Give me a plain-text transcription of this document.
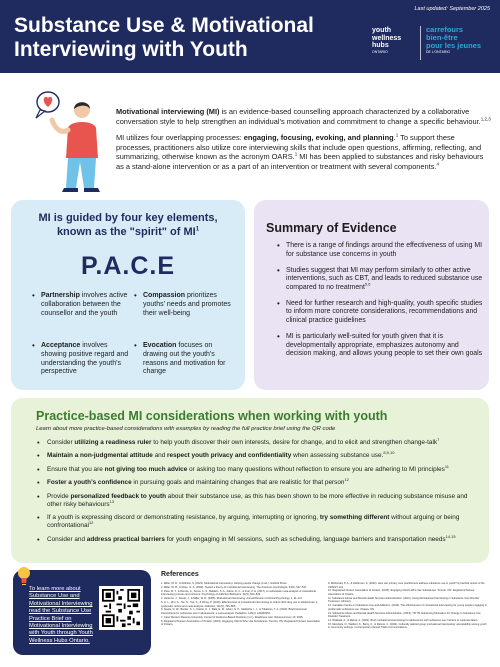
Last updated: September 2025
Substance Use & Motivational Interviewing with Youth
youth
wellness
hubs
ONTARIO
carrefours
bien-être
pour les jeunes
DE L'ONTARIO

Motivational interviewing (MI) is an evidence-based counselling approach characterized by a collaborative conversation style to help strengthen an individual’s motivation and commitment to change a specific behaviour.$^{1,2,3}$

MI utilizes four overlapping processes: engaging, focusing, evoking, and planning.$^1$ To support these processes, practitioners also utilize core interviewing skills that include open questions, affirming, reflecting, and summarizing, otherwise known as the acronym OARS.$^1$ MI has been applied to substances and risky behaviours as a stand-alone intervention or as a part of an intervention or treatment with several components.$^4$

MI is guided by four key elements, known as the "spirit" of $MI^1$
P.A.C.E
• Partnership involves active collaboration between the counsellor and the youth
• Compassion prioritizes youths' needs and promotes their well-being
• Acceptance involves showing positive regard and understanding the youth's perspective
• Evocation focuses on drawing out the youth's reasons and motivation for change
Summary of Evidence
• There is a range of findings around the effectiveness of using MI for substance use concerns in youth
• Studies suggest that MI may perform similarly to other active interventions, such as CBT, and leads to reduced substance use compared to no treatment$^{5,6}$
• Need for further research and high-quality, youth specific studies to inform more concrete considerations, recommendations and clinical practice guidelines
• MI is particularly well-suited for youth given that it is developmentally appropriate, emphasizes autonomy and decision making, and allows young people to set their own goals
Practice-based MI considerations when working with youth
Learn about more practice-based considerations with examples by reading the full practice brief using the QR code
• Consider utilizing a readiness ruler to help youth discover their own interests, desire for change, and to elicit and strengthen change-talk$^7$
• Maintain a non-judgmental attitude and respect youth privacy and confidentiality when assessing substance use.$^{8,9,10}$
• Ensure that you are not giving too much advice or asking too many questions without reflection to ensure you are adhering to MI principles$^{11}$
• Foster a youth’s confidence in pursuing goals and maintaining changes that are realistic for that person$^{12}$
• Provide personalized feedback to youth about their substance use, as this has been shown to be more effective in reducing substance misuse and other risky behaviours$^{13}$
• If a youth is expressing discord or demonstrating resistance, by arguing, interrupting or ignoring, try something different without arguing or being confrontational$^{12}$
• Consider and address practical barriers for youth engaging in MI sessions, such as scheduling, language barriers and transportation needs$^{14,15}$
To learn more about Substance Use and Motivational Interviewing read the Substance Use Practice Brief on Motivational Interviewing with Youth through Youth Wellness Hubs Ontario.
References
1. Miller, W. R., & Rollnick, S. (2023). Motivational interviewing: Helping people change (4 ed.). Guilford Press.
2. Miller, W. R., & Rose, G. S. (2009). Toward a theory of motivational interviewing. The American psychologist, 64(6), 527–537.
3. Pace, B. T., & Dembe, A., Soma, C. S., Baldwin, S. A., Atkins, D. C., & Imel, Z. E. (2017). A multivariate meta-analysis of motivational interviewing process and outcome. Psychology of Addictive Behaviors, 31(5), 524–533.
4. Hettema, J., Steele, J., & Miller, W. R. (2005). Motivational interviewing. Annual Review of Clinical Psychology, 1, 91–111.
5. Li, L., Zhu, S., Tse, N., Tse, S., & Wong, P. (2016). Effectiveness of motivational interviewing to reduce illicit drug use in adolescents: a systematic review and meta-analysis. Addiction, 111(5), 795–805.
6. Steele, D. W., Becker, S. J., Danko, K. J., Balk, E. M., Adam, G. P., Saldanha, I. J., & Trikalinos, T. A. (2020). Brief behavioral interventions for substance use in adolescents: a meta-analysis. Pediatrics, 146(4), e20200351.
7. Case Western Reserve University, Center for Evidence-Based Practices (n.d.). Readiness ruler. Retrieved June 10, 2025.
8. Registered Nurses' Association of Ontario. (2015). Engaging Clients Who Use Substances. Toronto, ON: Registered Nurses' Association of Ontario.
9. McDonald, P. A., & Heffernan, K. (2022). How can primary care practitioners address substance use in youth? A practical review of the CRAFFT tool.
10. Registered Nurses' Association of Ontario. (2015). Engaging Clients Who Use Substances. Toronto, ON: Registered Nurses' Association of Ontario.
11. Substance Abuse and Mental Health Services Administration. (2021). Using Motivational Interviewing in Substance Use Disorder Treatment. Advisory.
12. Canadian Centre on Substance Use and Addiction. (2019). The effectiveness of motivational interviewing for young people engaging in problematic substance use. Ottawa, ON.
13. Substance Abuse and Mental Health Services Administration. (2019). TIP 35: Enhancing Motivation for Change in Substance Use Disorder Treatment.
14. Dhaliwal, A., & Mehra, A. (2022). Brief motivational interviewing for adolescents with substance use: barriers to implementation.
15. Mendoza, N., Walitzer, K., Barry, K., & Ramos, C. (2024). Culturally tailored group motivational interviewing: acceptability among youth in community settings. Contemporary Clinical Trials Communications.
